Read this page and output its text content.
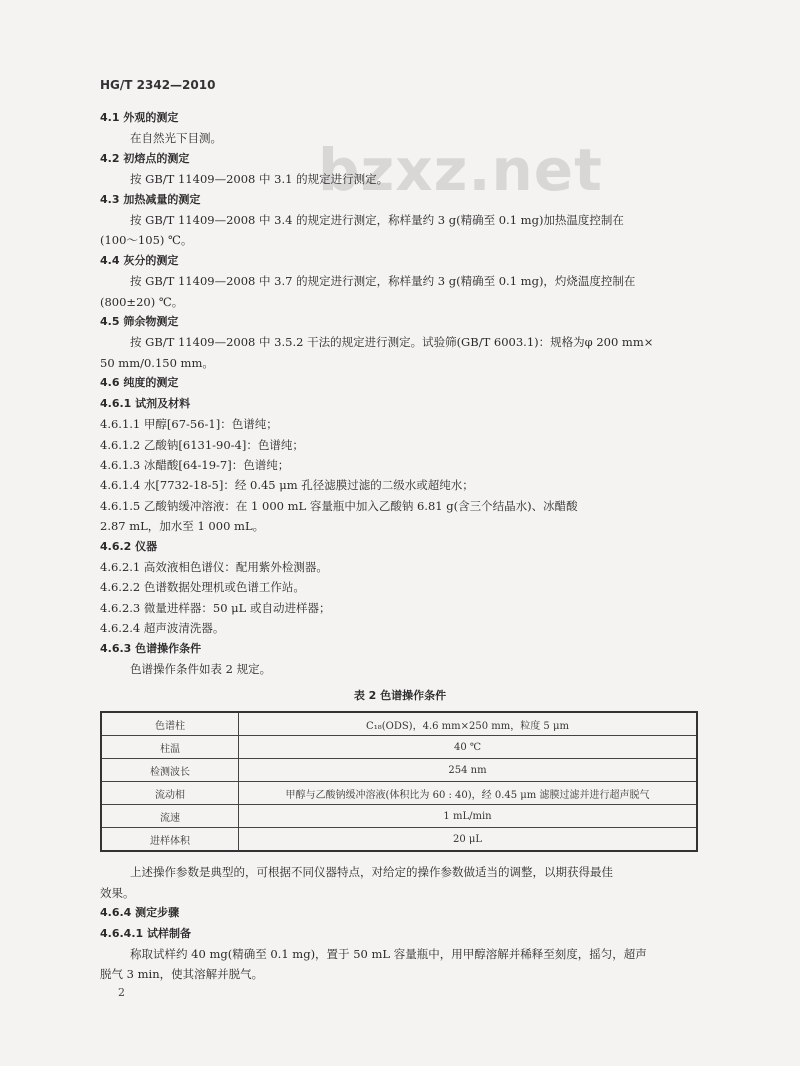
HG/T 2342—2010
bzxz.net
4.1 外观的测定
在自然光下目测。
4.2 初熔点的测定
按 GB/T 11409—2008 中 3.1 的规定进行测定。
4.3 加热减量的测定
按 GB/T 11409—2008 中 3.4 的规定进行测定，称样量约 3 g(精确至 0.1 mg)加热温度控制在
(100～105) ℃。
4.4 灰分的测定
按 GB/T 11409—2008 中 3.7 的规定进行测定，称样量约 3 g(精确至 0.1 mg)，灼烧温度控制在
(800±20) ℃。
4.5 筛余物测定
按 GB/T 11409—2008 中 3.5.2 干法的规定进行测定。试验筛(GB/T 6003.1)：规格为φ 200 mm×
50 mm/0.150 mm。
4.6 纯度的测定
4.6.1 试剂及材料
4.6.1.1 甲醇[67-56-1]：色谱纯；
4.6.1.2 乙酸钠[6131-90-4]：色谱纯；
4.6.1.3 冰醋酸[64-19-7]：色谱纯；
4.6.1.4 水[7732-18-5]：经 0.45 μm 孔径滤膜过滤的二级水或超纯水；
4.6.1.5 乙酸钠缓冲溶液：在 1 000 mL 容量瓶中加入乙酸钠 6.81 g(含三个结晶水)、冰醋酸
2.87 mL，加水至 1 000 mL。
4.6.2 仪器
4.6.2.1 高效液相色谱仪：配用紫外检测器。
4.6.2.2 色谱数据处理机或色谱工作站。
4.6.2.3 微量进样器：50 μL 或自动进样器；
4.6.2.4 超声波清洗器。
4.6.3 色谱操作条件
色谱操作条件如表 2 规定。
表 2 色谱操作条件
色谱柱	C₁₈(ODS)，4.6 mm×250 mm，粒度 5 μm
柱温	40 ℃
检测波长	254 nm
流动相	甲醇与乙酸钠缓冲溶液(体积比为 60 : 40)，经 0.45 μm 滤膜过滤并进行超声脱气
流速	1 mL/min
进样体积	20 μL
上述操作参数是典型的，可根据不同仪器特点，对给定的操作参数做适当的调整，以期获得最佳
效果。
4.6.4 测定步骤
4.6.4.1 试样制备
称取试样约 40 mg(精确至 0.1 mg)，置于 50 mL 容量瓶中，用甲醇溶解并稀释至刻度，摇匀，超声
脱气 3 min，使其溶解并脱气。
2
